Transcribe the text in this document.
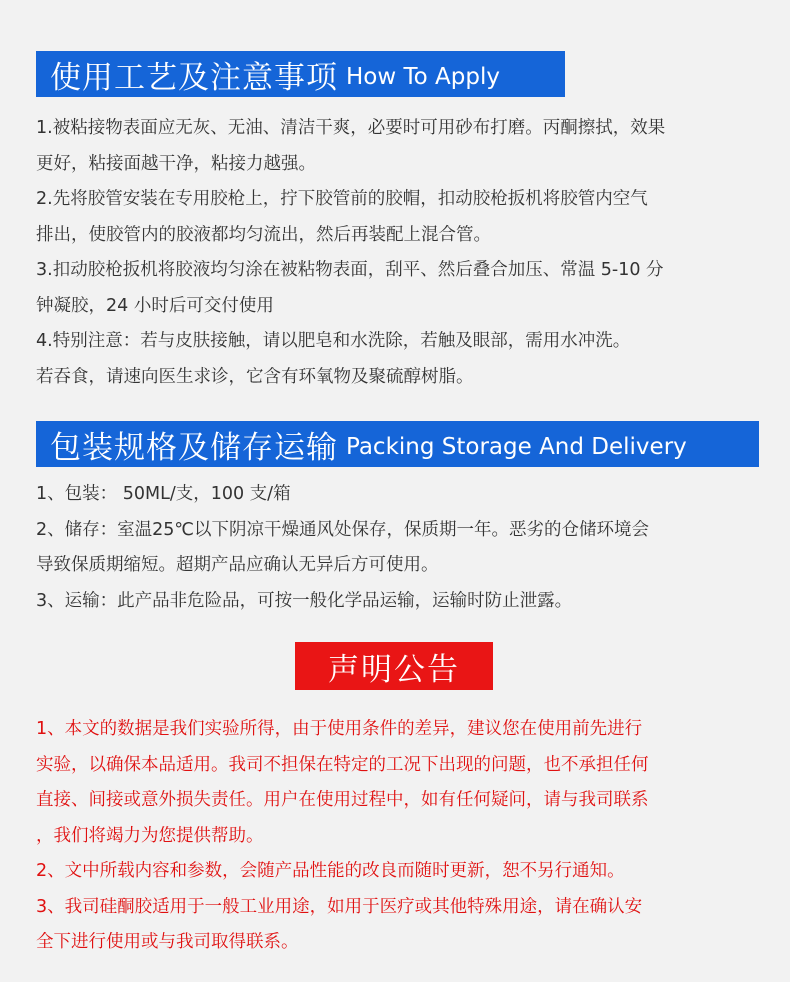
使用工艺及注意事项 How To Apply

1.被粘接物表面应无灰、无油、清洁干爽，必要时可用砂布打磨。丙酮擦拭，效果

更好，粘接面越干净，粘接力越强。

2.先将胶管安装在专用胶枪上，拧下胶管前的胶帽，扣动胶枪扳机将胶管内空气

排出，使胶管内的胶液都均匀流出，然后再装配上混合管。

3.扣动胶枪扳机将胶液均匀涂在被粘物表面，刮平、然后叠合加压、常温 5-10 分

钟凝胶，24 小时后可交付使用

4.特别注意：若与皮肤接触，请以肥皂和水洗除，若触及眼部，需用水冲洗。

若吞食，请速向医生求诊，它含有环氧物及聚硫醇树脂。

包装规格及储存运输 Packing Storage And Delivery

1、包装： 50ML/支，100 支/箱

2、储存：室温25℃以下阴凉干燥通风处保存，保质期一年。恶劣的仓储环境会

导致保质期缩短。超期产品应确认无异后方可使用。

3、运输：此产品非危险品，可按一般化学品运输，运输时防止泄露。

声明公告

1、本文的数据是我们实验所得，由于使用条件的差异，建议您在使用前先进行

实验，以确保本品适用。我司不担保在特定的工况下出现的问题，也不承担任何

直接、间接或意外损失责任。用户在使用过程中，如有任何疑问，请与我司联系

，我们将竭力为您提供帮助。

2、文中所载内容和参数，会随产品性能的改良而随时更新，恕不另行通知。

3、我司硅酮胶适用于一般工业用途，如用于医疗或其他特殊用途，请在确认安

全下进行使用或与我司取得联系。
